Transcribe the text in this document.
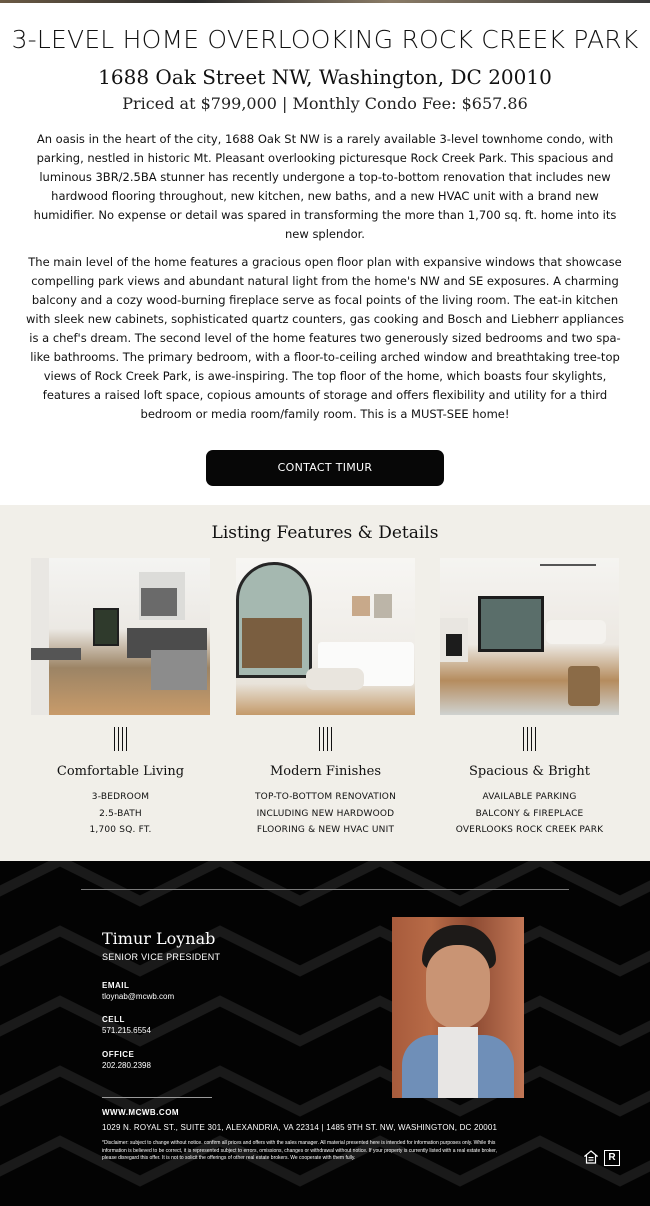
3-LEVEL HOME OVERLOOKING ROCK CREEK PARK
1688 Oak Street NW, Washington, DC 20010
Priced at $799,000 | Monthly Condo Fee: $657.86

An oasis in the heart of the city, 1688 Oak St NW is a rarely available 3-level townhome condo, with parking, nestled in historic Mt. Pleasant overlooking picturesque Rock Creek Park. This spacious and luminous 3BR/2.5BA stunner has recently undergone a top-to-bottom renovation that includes new hardwood flooring throughout, new kitchen, new baths, and a new HVAC unit with a brand new humidifier. No expense or detail was spared in transforming the more than 1,700 sq. ft. home into its new splendor.

The main level of the home features a gracious open floor plan with expansive windows that showcase compelling park views and abundant natural light from the home's NW and SE exposures. A charming balcony and a cozy wood-burning fireplace serve as focal points of the living room. The eat-in kitchen with sleek new cabinets, sophisticated quartz counters, gas cooking and Bosch and Liebherr appliances is a chef's dream. The second level of the home features two generously sized bedrooms and two spa-like bathrooms. The primary bedroom, with a floor-to-ceiling arched window and breathtaking tree-top views of Rock Creek Park, is awe-inspiring. The top floor of the home, which boasts four skylights, features a raised loft space, copious amounts of storage and offers flexibility and utility for a third bedroom or media room/family room. This is a MUST-SEE home!

CONTACT TIMUR
Listing Features & Details
Comfortable Living
3-BEDROOM
2.5-BATH
1,700 SQ. FT.
Modern Finishes
TOP-TO-BOTTOM RENOVATION
INCLUDING NEW HARDWOOD
FLOORING & NEW HVAC UNIT
Spacious & Bright
AVAILABLE PARKING
BALCONY & FIREPLACE
OVERLOOKS ROCK CREEK PARK
Timur Loynab
SENIOR VICE PRESIDENT
EMAIL
tloynab@mcwb.com
CELL
571.215.6554
OFFICE
202.280.2398
WWW.MCWB.COM
1029 N. ROYAL ST., SUITE 301, ALEXANDRIA, VA 22314 | 1485 9TH ST. NW, WASHINGTON, DC 20001
*Disclaimer: subject to change without notice. confirm all prices and offers with the sales manager. All material presented here is intended for information purposes only. While this information is believed to be correct, it is represented subject to errors, omissions, changes or withdrawal without notice. If your property is currently listed with a real estate broker, please disregard this offer. It is not to solicit the offerings of other real estate brokers. We cooperate with them fully.	R
